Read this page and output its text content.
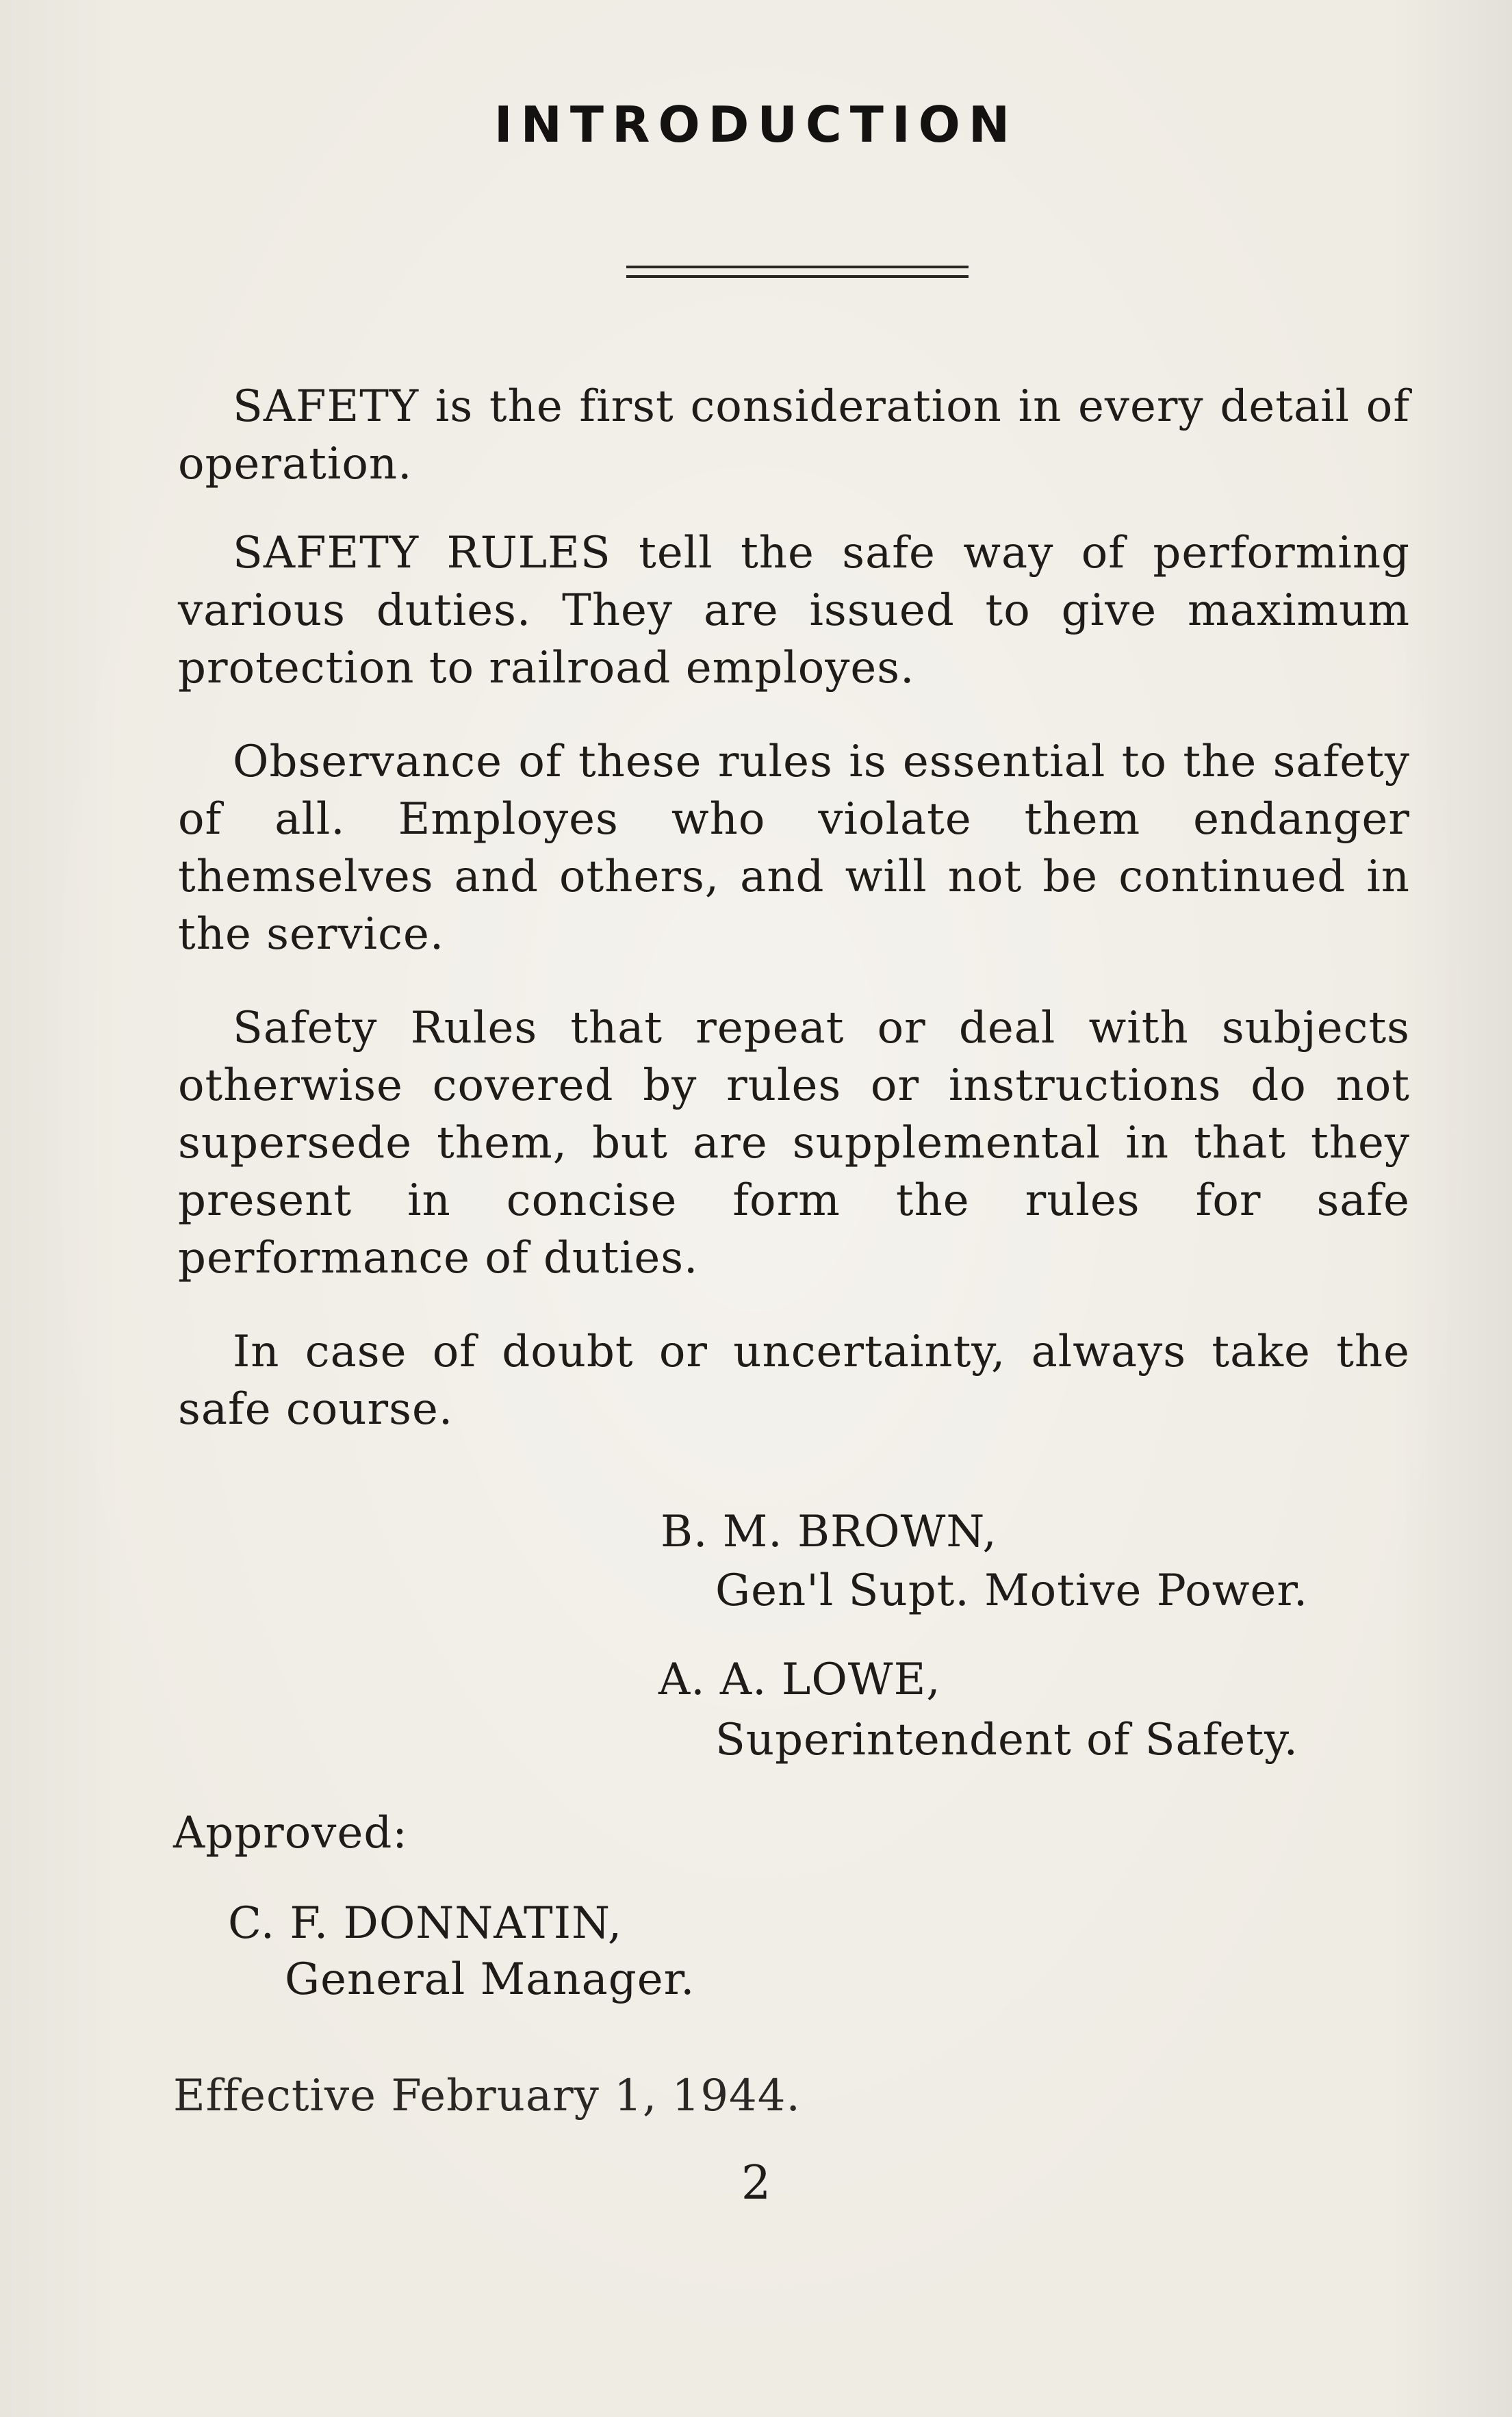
INTRODUCTION

SAFETY is the first consideration in every detail of operation.

SAFETY RULES tell the safe way of performing various duties. They are issued to give maximum protection to railroad employes.

Observance of these rules is essential to the safety of all. Employes who violate them endanger themselves and others, and will not be continued in the service.

Safety Rules that repeat or deal with subjects otherwise covered by rules or instructions do not supersede them, but are supplemental in that they present in concise form the rules for safe performance of duties.

In case of doubt or uncertainty, always take the safe course.

B. M. BROWN,
Gen'l Supt. Motive Power.
A. A. LOWE,
Superintendent of Safety.
Approved:
C. F. DONNATIN,
General Manager.
Effective February 1, 1944.
2
